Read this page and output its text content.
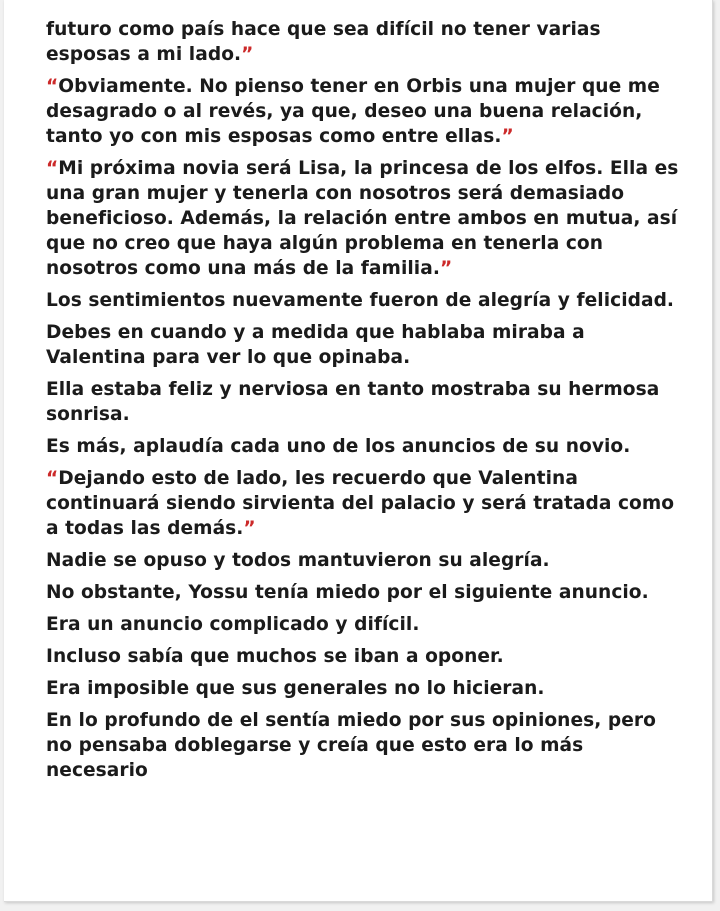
futuro como país hace que sea difícil no tener varias esposas a mi lado.”

“Obviamente. No pienso tener en Orbis una mujer que me desagrado o al revés, ya que, deseo una buena relación, tanto yo con mis esposas como entre ellas.”

“Mi próxima novia será Lisa, la princesa de los elfos. Ella es una gran mujer y tenerla con nosotros será demasiado beneficioso. Además, la relación entre ambos en mutua, así que no creo que haya algún problema en tenerla con nosotros como una más de la familia.”

Los sentimientos nuevamente fueron de alegría y felicidad.

Debes en cuando y a medida que hablaba miraba a Valentina para ver lo que opinaba.

Ella estaba feliz y nerviosa en tanto mostraba su hermosa sonrisa.

Es más, aplaudía cada uno de los anuncios de su novio.

“Dejando esto de lado, les recuerdo que Valentina continuará siendo sirvienta del palacio y será tratada como a todas las demás.”

Nadie se opuso y todos mantuvieron su alegría.

No obstante, Yossu tenía miedo por el siguiente anuncio.

Era un anuncio complicado y difícil.

Incluso sabía que muchos se iban a oponer.

Era imposible que sus generales no lo hicieran.

En lo profundo de el sentía miedo por sus opiniones, pero no pensaba doblegarse y creía que esto era lo más necesario
